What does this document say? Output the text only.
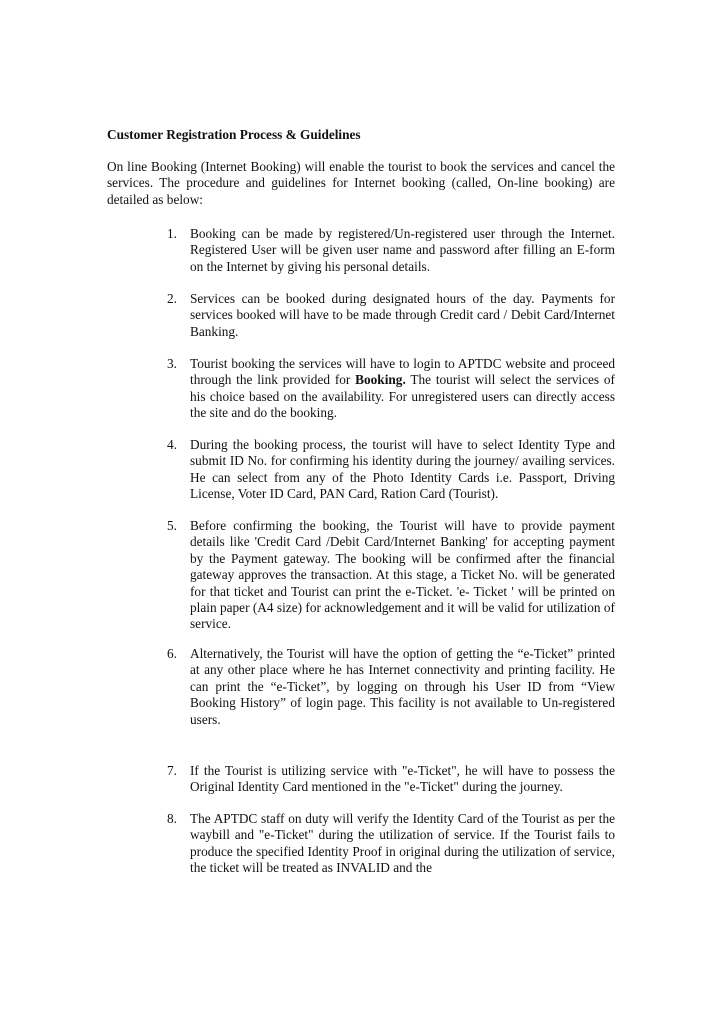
Customer Registration Process & Guidelines
On line Booking (Internet Booking) will enable the tourist to book the services and cancel the services. The procedure and guidelines for Internet booking (called, On-line booking) are detailed as below:
1. Booking can be made by registered/Un-registered user through the Internet. Registered User will be given user name and password after filling an E-form on the Internet by giving his personal details.
2. Services can be booked during designated hours of the day. Payments for services booked will have to be made through Credit card / Debit Card/Internet Banking.
3. Tourist booking the services will have to login to APTDC website and proceed through the link provided for Booking. The tourist will select the services of his choice based on the availability. For unregistered users can directly access the site and do the booking.
4. During the booking process, the tourist will have to select Identity Type and submit ID No. for confirming his identity during the journey/ availing services. He can select from any of the Photo Identity Cards i.e. Passport, Driving License, Voter ID Card, PAN Card, Ration Card (Tourist).
5. Before confirming the booking, the Tourist will have to provide payment details like 'Credit Card /Debit Card/Internet Banking' for accepting payment by the Payment gateway. The booking will be confirmed after the financial gateway approves the transaction. At this stage, a Ticket No. will be generated for that ticket and Tourist can print the e-Ticket. 'e- Ticket ' will be printed on plain paper (A4 size) for acknowledgement and it will be valid for utilization of service.
6. Alternatively, the Tourist will have the option of getting the “e-Ticket” printed at any other place where he has Internet connectivity and printing facility. He can print the “e-Ticket”, by logging on through his User ID from “View Booking History” of login page. This facility is not available to Un-registered users.
7. If the Tourist is utilizing service with "e-Ticket", he will have to possess the Original Identity Card mentioned in the "e-Ticket" during the journey.
8. The APTDC staff on duty will verify the Identity Card of the Tourist as per the waybill and "e-Ticket" during the utilization of service. If the Tourist fails to produce the specified Identity Proof in original during the utilization of service, the ticket will be treated as INVALID and the
